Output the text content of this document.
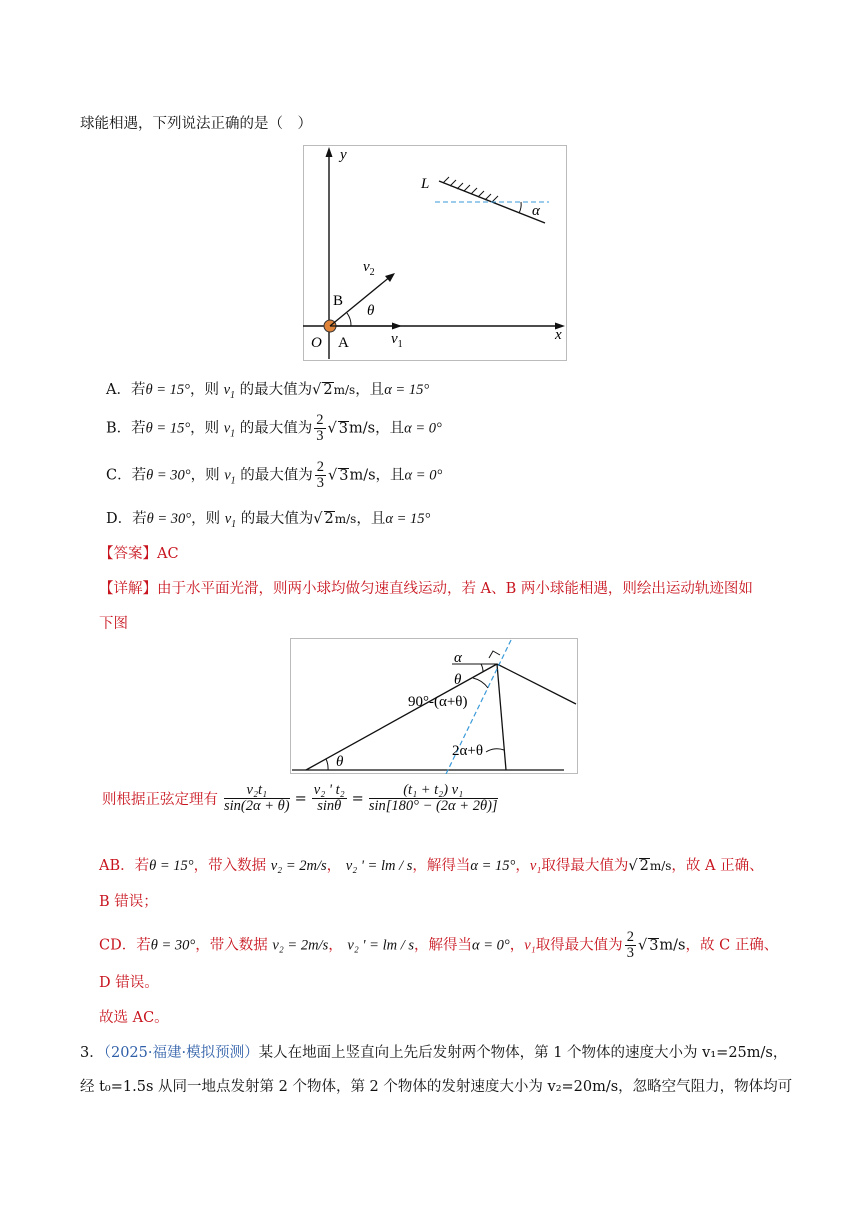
球能相遇，下列说法正确的是（　）
y
x
$v_2$
θ
$v_1$
B
O A
L
α
A．若θ = 15°，则 $v_1$ 的最大值为√ 2m/s，且α = 15°
B．若θ = 15°，则 $v_1$ 的最大值为 $\frac{2}{3}$ √ 3m/s，且α = 0°
C．若θ = 30°，则 $v_1$ 的最大值为 $\frac{2}{3}$ √ 3m/s，且α = 0°
D．若θ = 30°，则 $v_1$ 的最大值为√ 2m/s，且α = 15°
【答案】AC
【详解】由于水平面光滑，则两小球均做匀速直线运动，若 A、B 两小球能相遇，则绘出运动轨迹图如
下图
α
θ
90°-(α+θ)
2α+θ
θ
则根据正弦定理有 $\frac{\text{v₂t₁}}{\sin(2\alpha + \theta)} = \frac{\text{v₂ ' t₂}}{\sin\theta} = \frac{\text{(t₁ + t₂) v₁}}{\sin[180^\circ - (2\alpha + 2\theta)]}$
AB．若θ = 15°，带入数据 v₂ = 2m/s， v₂ ' = lm / s，解得当α = 15°，v₁取得最大值为√ 2m/s，故 A 正确、
B 错误；
CD．若θ = 30°，带入数据 v₂ = 2m/s， v₂ ' = lm / s，解得当α = 0°，v₁取得最大值为 $\frac{2}{3}$ √ 3m/s，故 C 正确、
D 错误。
故选 AC。
3．（2025·福建·模拟预测）某人在地面上竖直向上先后发射两个物体，第 1 个物体的速度大小为 v₁=25m/s，
经 t₀=1.5s 从同一地点发射第 2 个物体，第 2 个物体的发射速度大小为 v₂=20m/s，忽略空气阻力，物体均可
